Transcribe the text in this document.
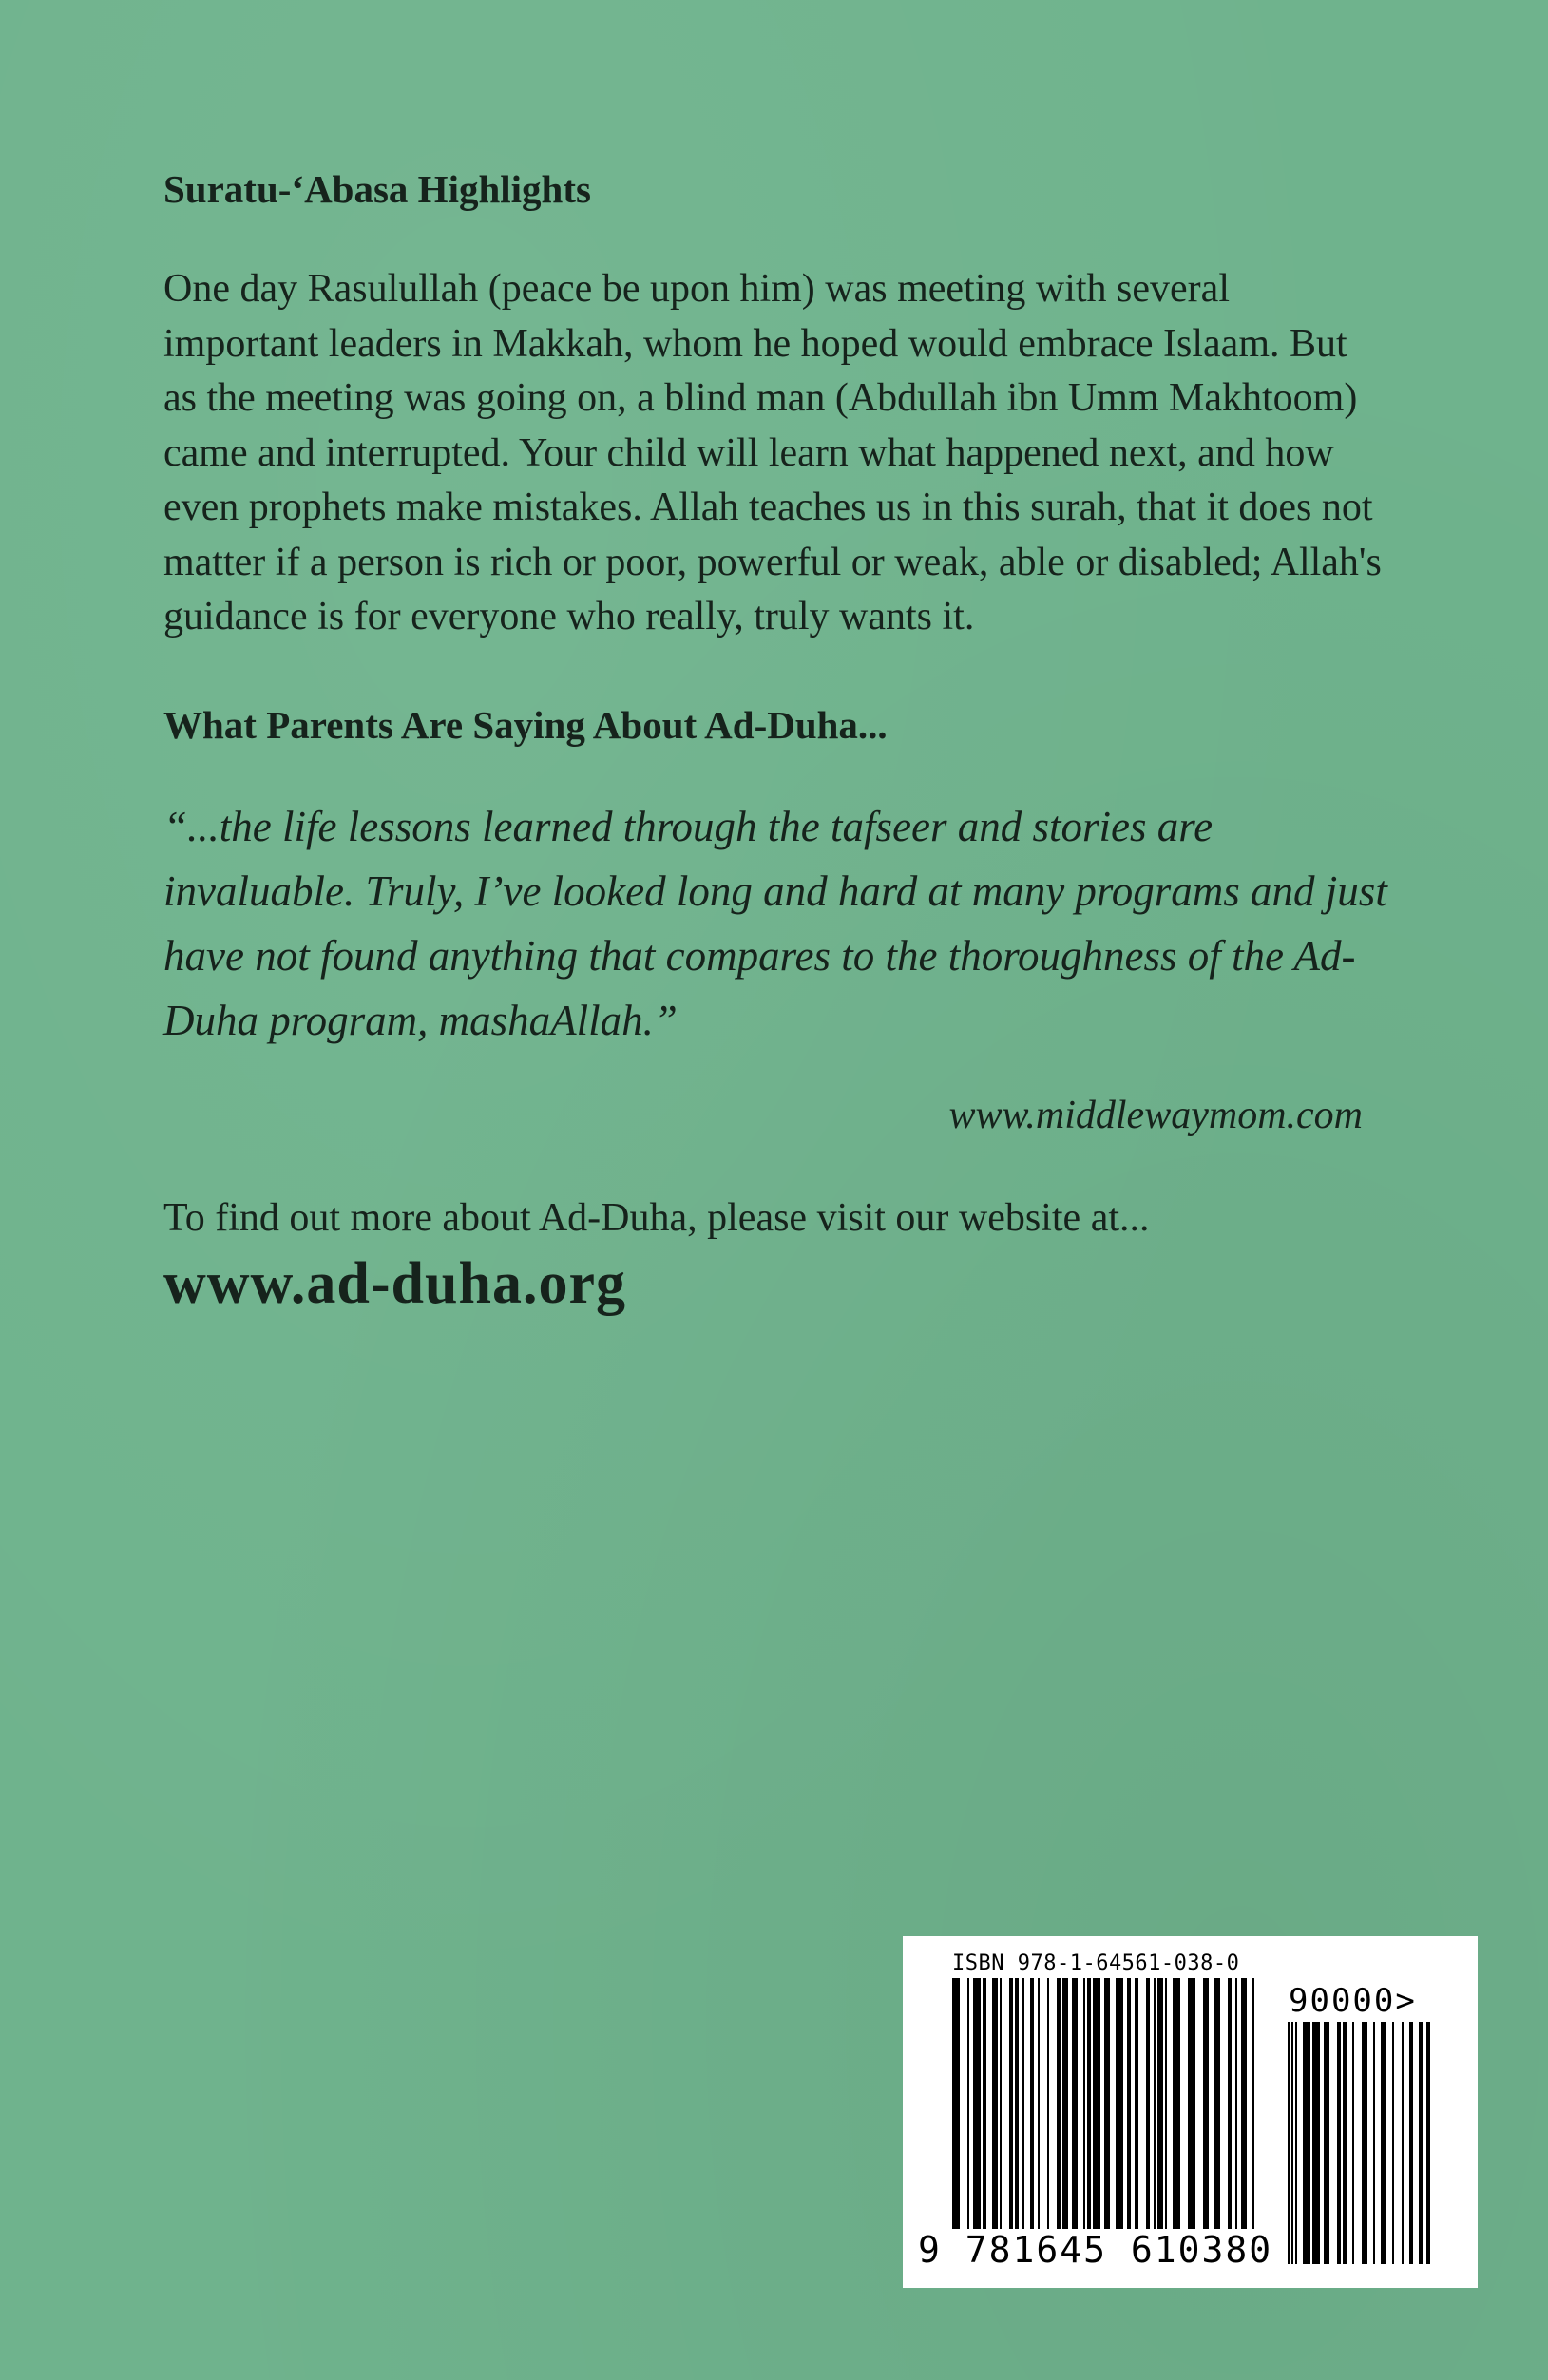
Suratu-‘Abasa Highlights

One day Rasulullah (peace be upon him) was meeting with several important leaders in Makkah, whom he hoped would embrace Islaam. But as the meeting was going on, a blind man (Abdullah ibn Umm Makhtoom) came and interrupted. Your child will learn what happened next, and how even prophets make mistakes. Allah teaches us in this surah, that it does not matter if a person is rich or poor, powerful or weak, able or disabled; Allah's guidance is for everyone who really, truly wants it.

What Parents Are Saying About Ad-Duha...

“...the life lessons learned through the tafseer and stories are invaluable. Truly, I’ve looked long and hard at many programs and just have not found anything that compares to the thoroughness of the Ad-Duha program, mashaAllah.”

www.middlewaymom.com
To find out more about Ad-Duha, please visit our website at...
www.ad-duha.org
ISBN 978-1-64561-038-0
90000>
9 781645 610380
